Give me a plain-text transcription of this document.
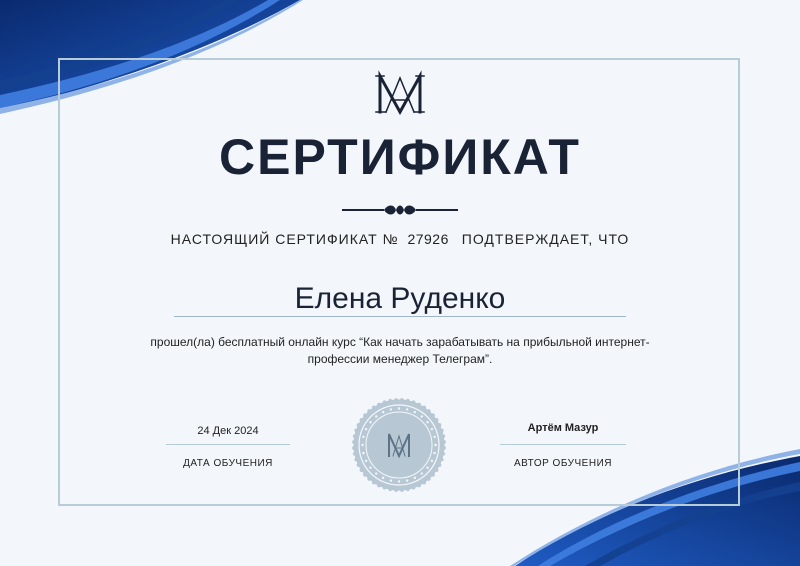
СЕРТИФИКАТ
НАСТОЯЩИЙ СЕРТИФИКАТ № 27926 ПОДТВЕРЖДАЕТ, ЧТО
Елена Руденко
прошел(ла) бесплатный онлайн курс “Как начать зарабатывать на прибыльной интернет-
профессии менеджер Телеграм”.
24 Дек 2024
ДАТА ОБУЧЕНИЯ
Артём Мазур
АВТОР ОБУЧЕНИЯ
